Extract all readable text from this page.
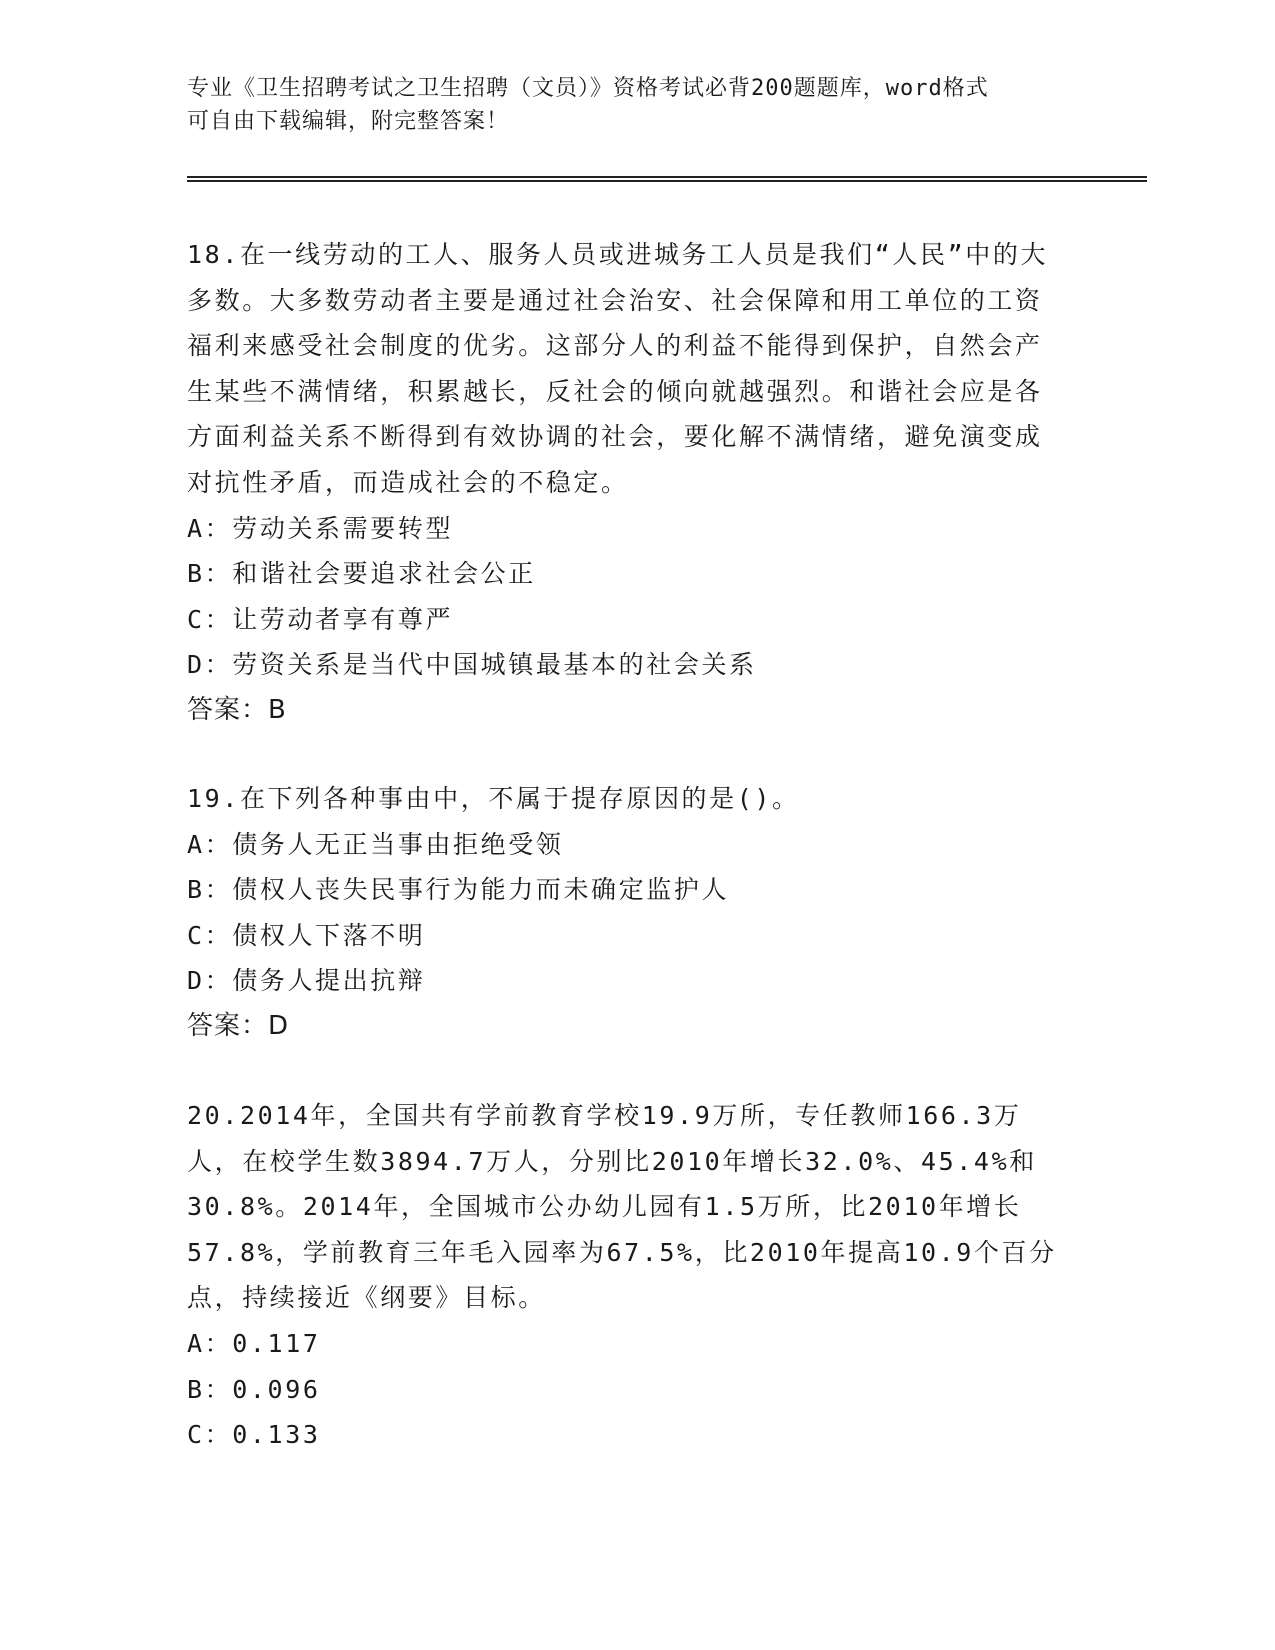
专业《卫生招聘考试之卫生招聘（文员）》资格考试必背200题题库，word格式
可自由下载编辑，附完整答案！

18.在一线劳动的工人、服务人员或进城务工人员是我们“人民”中的大多数。大多数劳动者主要是通过社会治安、社会保障和用工单位的工资福利来感受社会制度的优劣。这部分人的利益不能得到保护，自然会产生某些不满情绪，积累越长，反社会的倾向就越强烈。和谐社会应是各方面利益关系不断得到有效协调的社会，要化解不满情绪，避免演变成对抗性矛盾，而造成社会的不稳定。

A：劳动关系需要转型

B：和谐社会要追求社会公正

C：让劳动者享有尊严

D：劳资关系是当代中国城镇最基本的社会关系

答案：B

19.在下列各种事由中，不属于提存原因的是()。

A：债务人无正当事由拒绝受领

B：债权人丧失民事行为能力而未确定监护人

C：债权人下落不明

D：债务人提出抗辩

答案：D

20.2014年，全国共有学前教育学校19.9万所，专任教师166.3万人，在校学生数3894.7万人，分别比2010年增长32.0%、45.4%和30.8%。2014年，全国城市公办幼儿园有1.5万所，比2010年增长57.8%，学前教育三年毛入园率为67.5%，比2010年提高10.9个百分点，持续接近《纲要》目标。

A：0.117

B：0.096

C：0.133
